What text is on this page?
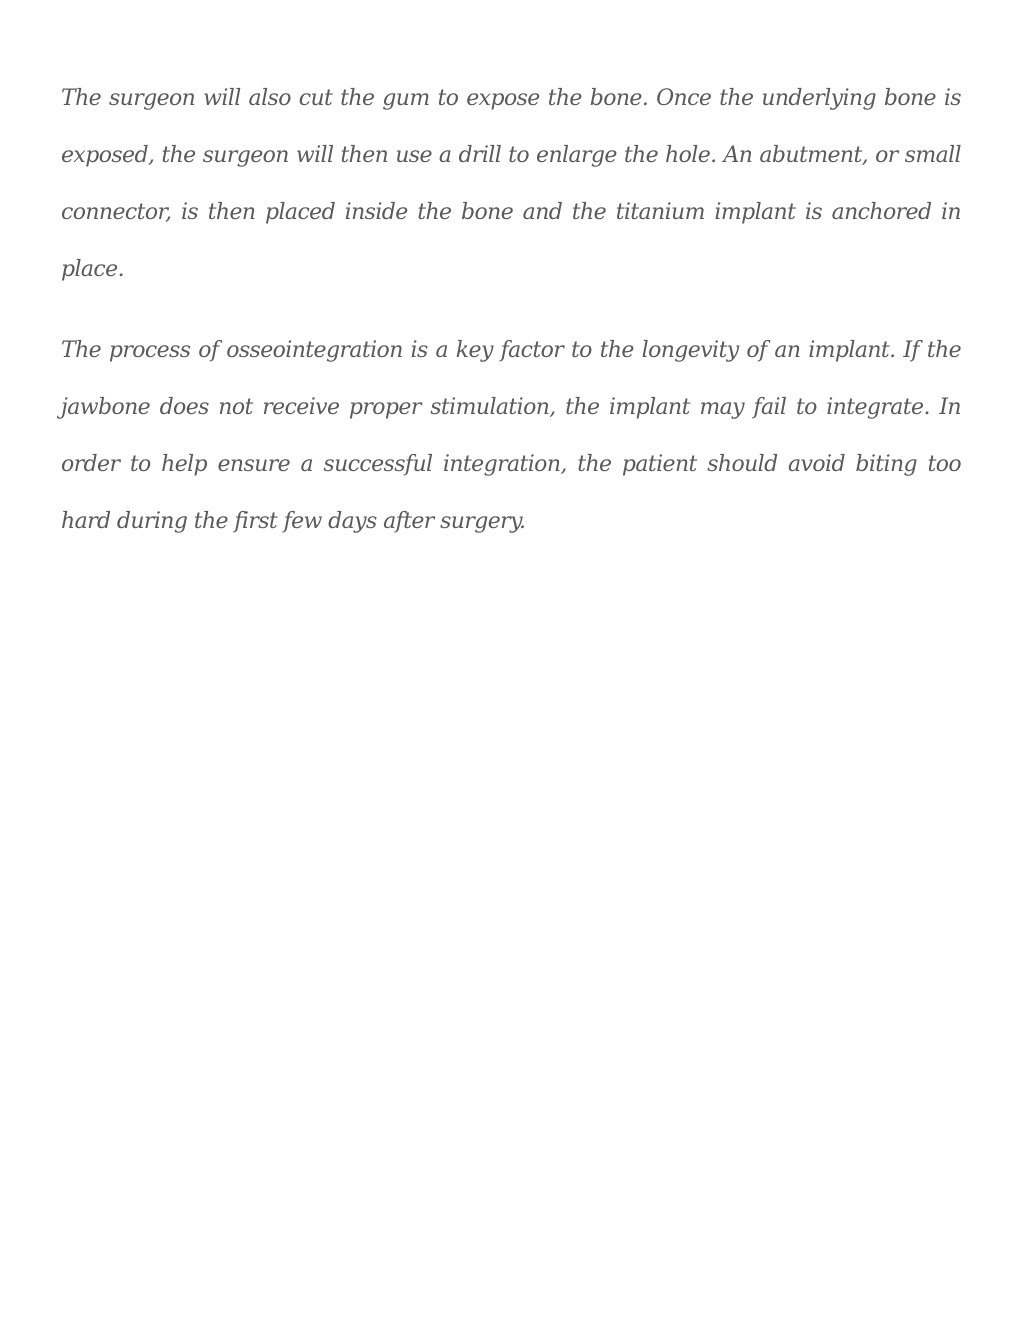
The surgeon will also cut the gum to expose the bone. Once the underlying bone is exposed, the surgeon will then use a drill to enlarge the hole. An abutment, or small connector, is then placed inside the bone and the titanium implant is anchored in place.

The process of osseointegration is a key factor to the longevity of an implant. If the jawbone does not receive proper stimulation, the implant may fail to integrate. In order to help ensure a successful integration, the patient should avoid biting too hard during the first few days after surgery.
